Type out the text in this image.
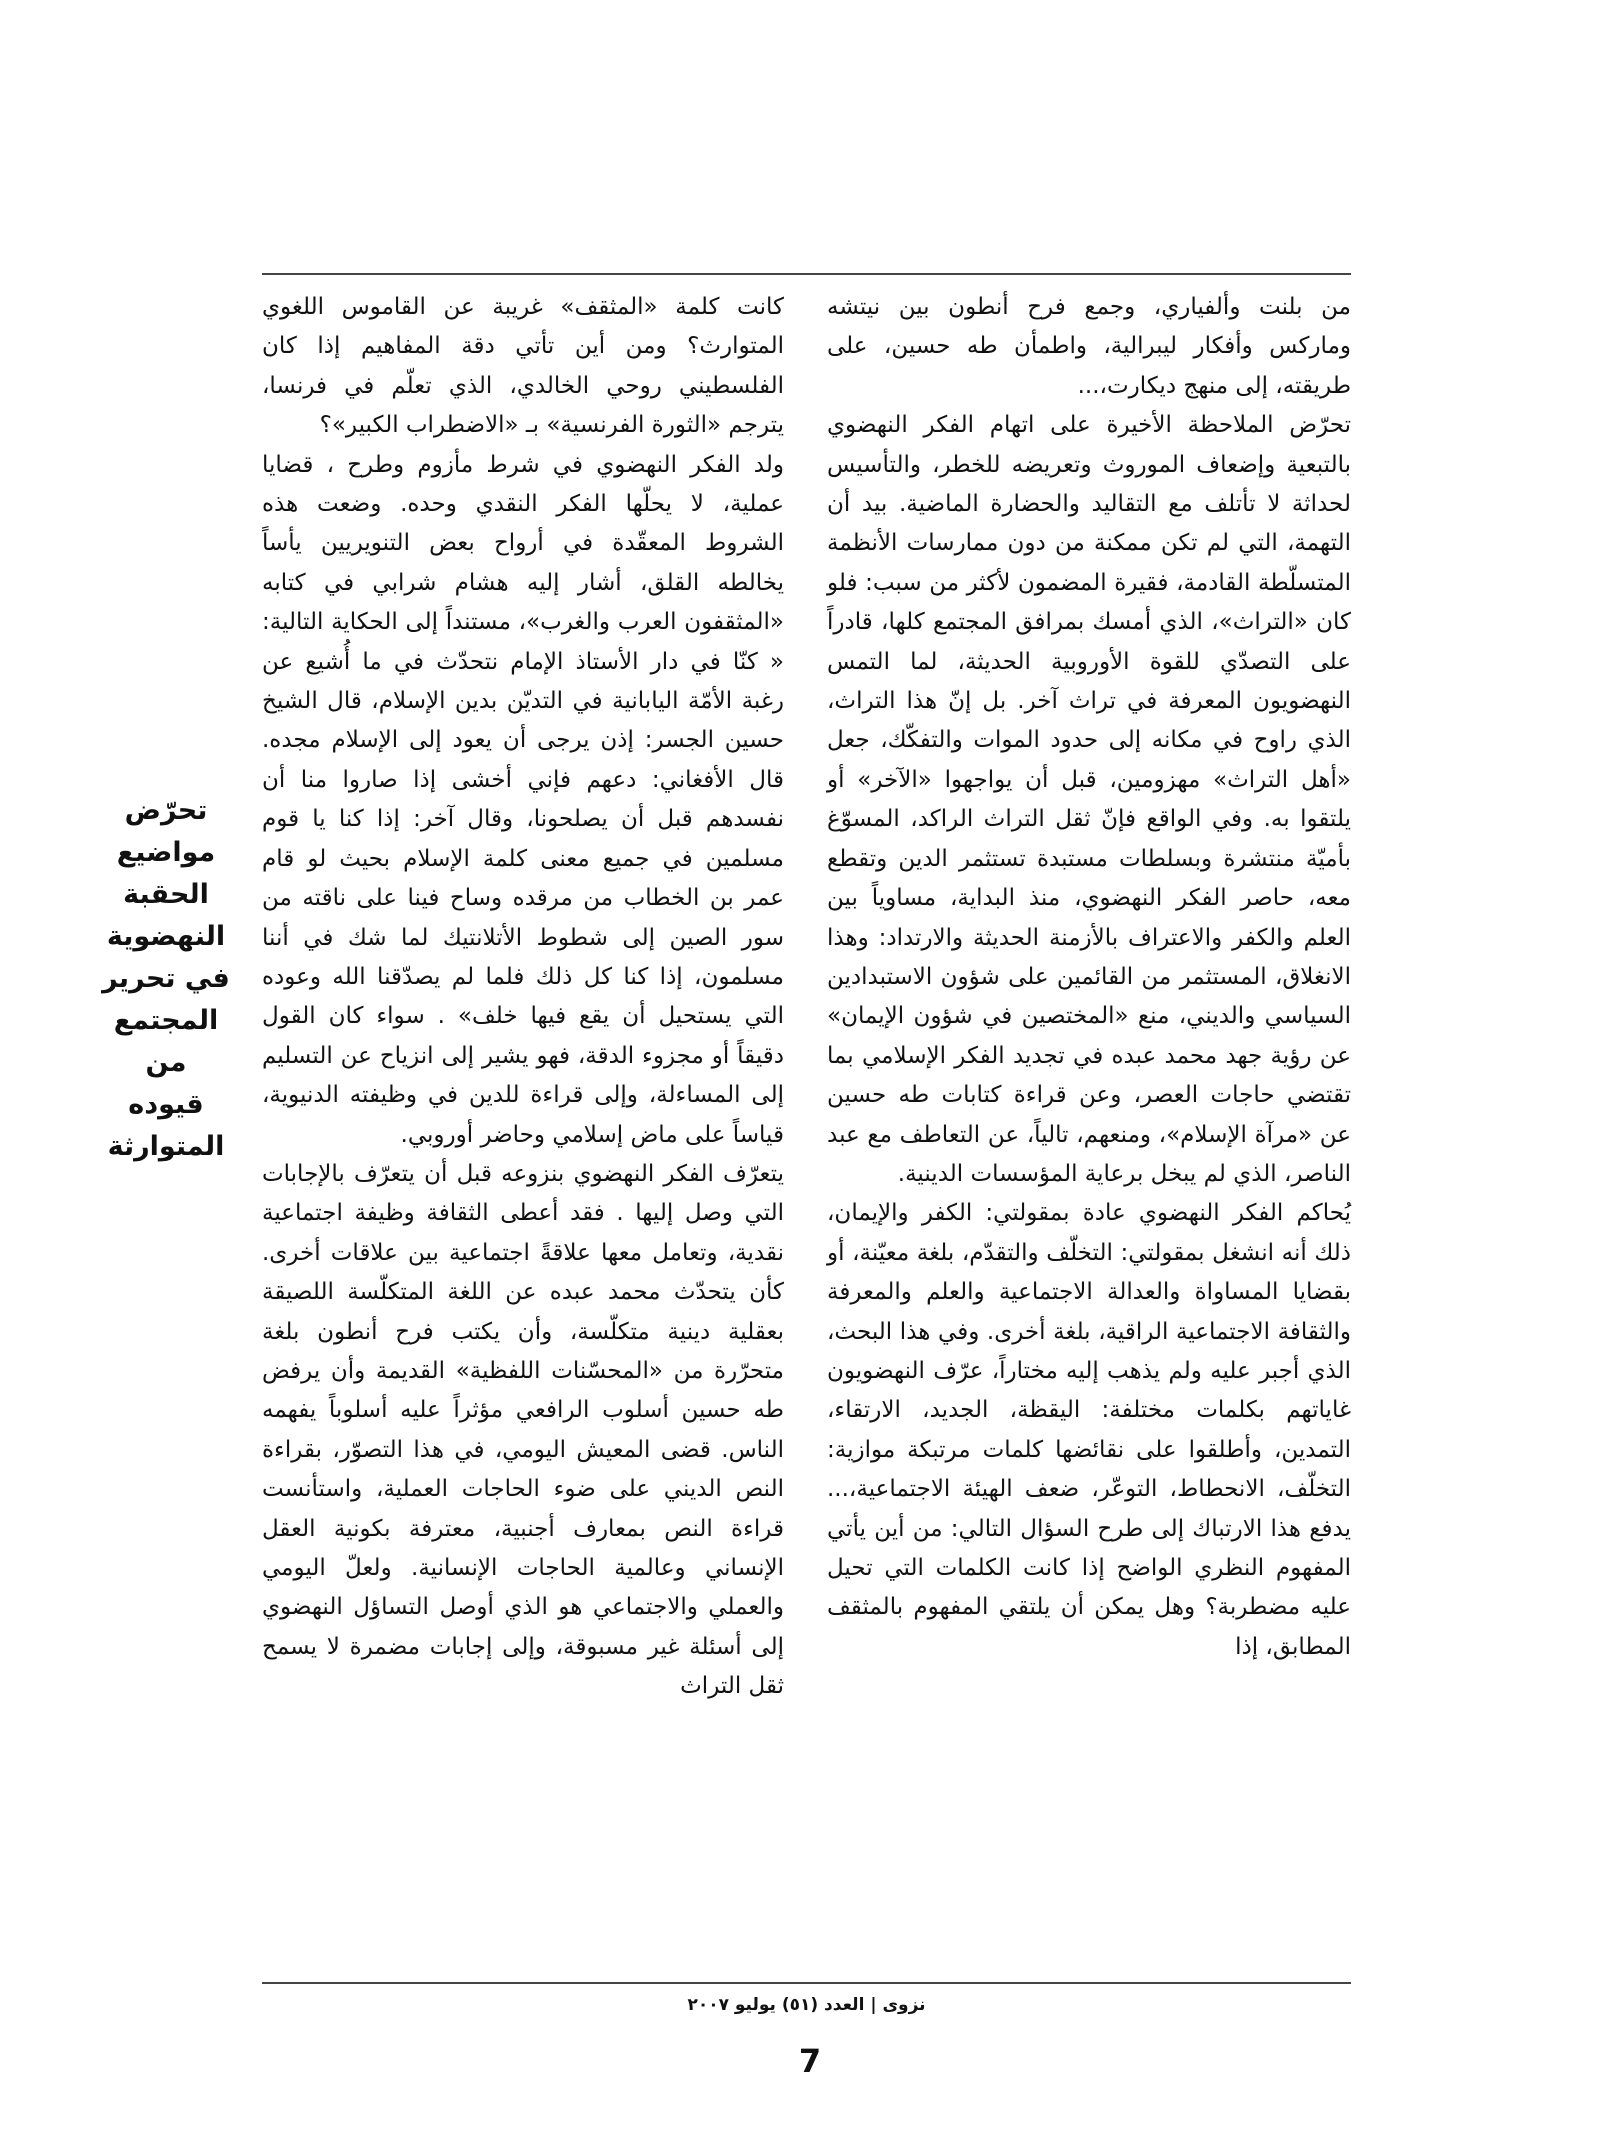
من بلنت وألفياري، وجمع فرح أنطون بين نيتشه وماركس وأفكار ليبرالية، واطمأن طه حسين، على طريقته، إلى منهج ديكارت،...

تحرّض الملاحظة الأخيرة على اتهام الفكر النهضوي بالتبعية وإضعاف الموروث وتعريضه للخطر، والتأسيس لحداثة لا تأتلف مع التقاليد والحضارة الماضية. بيد أن التهمة، التي لم تكن ممكنة من دون ممارسات الأنظمة المتسلّطة القادمة، فقيرة المضمون لأكثر من سبب: فلو كان «التراث»، الذي أمسك بمرافق المجتمع كلها، قادراً على التصدّي للقوة الأوروبية الحديثة، لما التمس النهضويون المعرفة في تراث آخر. بل إنّ هذا التراث، الذي راوح في مكانه إلى حدود الموات والتفكّك، جعل «أهل التراث» مهزومين، قبل أن يواجهوا «الآخر» أو يلتقوا به. وفي الواقع فإنّ ثقل التراث الراكد، المسوّغ بأميّة منتشرة وبسلطات مستبدة تستثمر الدين وتقطع معه، حاصر الفكر النهضوي، منذ البداية، مساوياً بين العلم والكفر والاعتراف بالأزمنة الحديثة والارتداد: وهذا الانغلاق، المستثمر من القائمين على شؤون الاستبدادين السياسي والديني، منع «المختصين في شؤون الإيمان» عن رؤية جهد محمد عبده في تجديد الفكر الإسلامي بما تقتضي حاجات العصر، وعن قراءة كتابات طه حسين عن «مرآة الإسلام»، ومنعهم، تالياً، عن التعاطف مع عبد الناصر، الذي لم يبخل برعاية المؤسسات الدينية.

يُحاكم الفكر النهضوي عادة بمقولتي: الكفر والإيمان، ذلك أنه انشغل بمقولتي: التخلّف والتقدّم، بلغة معيّنة، أو بقضايا المساواة والعدالة الاجتماعية والعلم والمعرفة والثقافة الاجتماعية الراقية، بلغة أخرى. وفي هذا البحث، الذي أجبر عليه ولم يذهب إليه مختاراً، عرّف النهضويون غاياتهم بكلمات مختلفة: اليقظة، الجديد، الارتقاء، التمدين، وأطلقوا على نقائضها كلمات مرتبكة موازية: التخلّف، الانحطاط، التوعّر، ضعف الهيئة الاجتماعية،... يدفع هذا الارتباك إلى طرح السؤال التالي: من أين يأتي المفهوم النظري الواضح إذا كانت الكلمات التي تحيل عليه مضطربة؟ وهل يمكن أن يلتقي المفهوم بالمثقف المطابق، إذا

كانت كلمة «المثقف» غريبة عن القاموس اللغوي المتوارث؟ ومن أين تأتي دقة المفاهيم إذا كان الفلسطيني روحي الخالدي، الذي تعلّم في فرنسا، يترجم «الثورة الفرنسية» بـ «الاضطراب الكبير»؟

ولد الفكر النهضوي في شرط مأزوم وطرح ، قضايا عملية، لا يحلّها الفكر النقدي وحده. وضعت هذه الشروط المعقّدة في أرواح بعض التنويريين يأساً يخالطه القلق، أشار إليه هشام شرابي في كتابه «المثقفون العرب والغرب»، مستنداً إلى الحكاية التالية: « كنّا في دار الأستاذ الإمام نتحدّث في ما أُشيع عن رغبة الأمّة اليابانية في التديّن بدين الإسلام، قال الشيخ حسين الجسر: إذن يرجى أن يعود إلى الإسلام مجده. قال الأفغاني: دعهم فإني أخشى إذا صاروا منا أن نفسدهم قبل أن يصلحونا، وقال آخر: إذا كنا يا قوم مسلمين في جميع معنى كلمة الإسلام بحيث لو قام عمر بن الخطاب من مرقده وساح فينا على ناقته من سور الصين إلى شطوط الأتلانتيك لما شك في أننا مسلمون، إذا كنا كل ذلك فلما لم يصدّقنا الله وعوده التي يستحيل أن يقع فيها خلف» . سواء كان القول دقيقاً أو مجزوء الدقة، فهو يشير إلى انزياح عن التسليم إلى المساءلة، وإلى قراءة للدين في وظيفته الدنيوية، قياساً على ماض إسلامي وحاضر أوروبي.

يتعرّف الفكر النهضوي بنزوعه قبل أن يتعرّف بالإجابات التي وصل إليها . فقد أعطى الثقافة وظيفة اجتماعية نقدية، وتعامل معها علاقةً اجتماعية بين علاقات أخرى. كأن يتحدّث محمد عبده عن اللغة المتكلّسة اللصيقة بعقلية دينية متكلّسة، وأن يكتب فرح أنطون بلغة متحرّرة من «المحسّنات اللفظية» القديمة وأن يرفض طه حسين أسلوب الرافعي مؤثراً عليه أسلوباً يفهمه الناس. قضى المعيش اليومي، في هذا التصوّر، بقراءة النص الديني على ضوء الحاجات العملية، واستأنست قراءة النص بمعارف أجنبية، معترفة بكونية العقل الإنساني وعالمية الحاجات الإنسانية. ولعلّ اليومي والعملي والاجتماعي هو الذي أوصل التساؤل النهضوي إلى أسئلة غير مسبوقة، وإلى إجابات مضمرة لا يسمح ثقل التراث

تحرّض
مواضيع الحقبة
النهضوية
في تحرير
المجتمع من
قيوده
المتوارثة
نزوى | العدد (٥١) يوليو ٢٠٠٧
7
